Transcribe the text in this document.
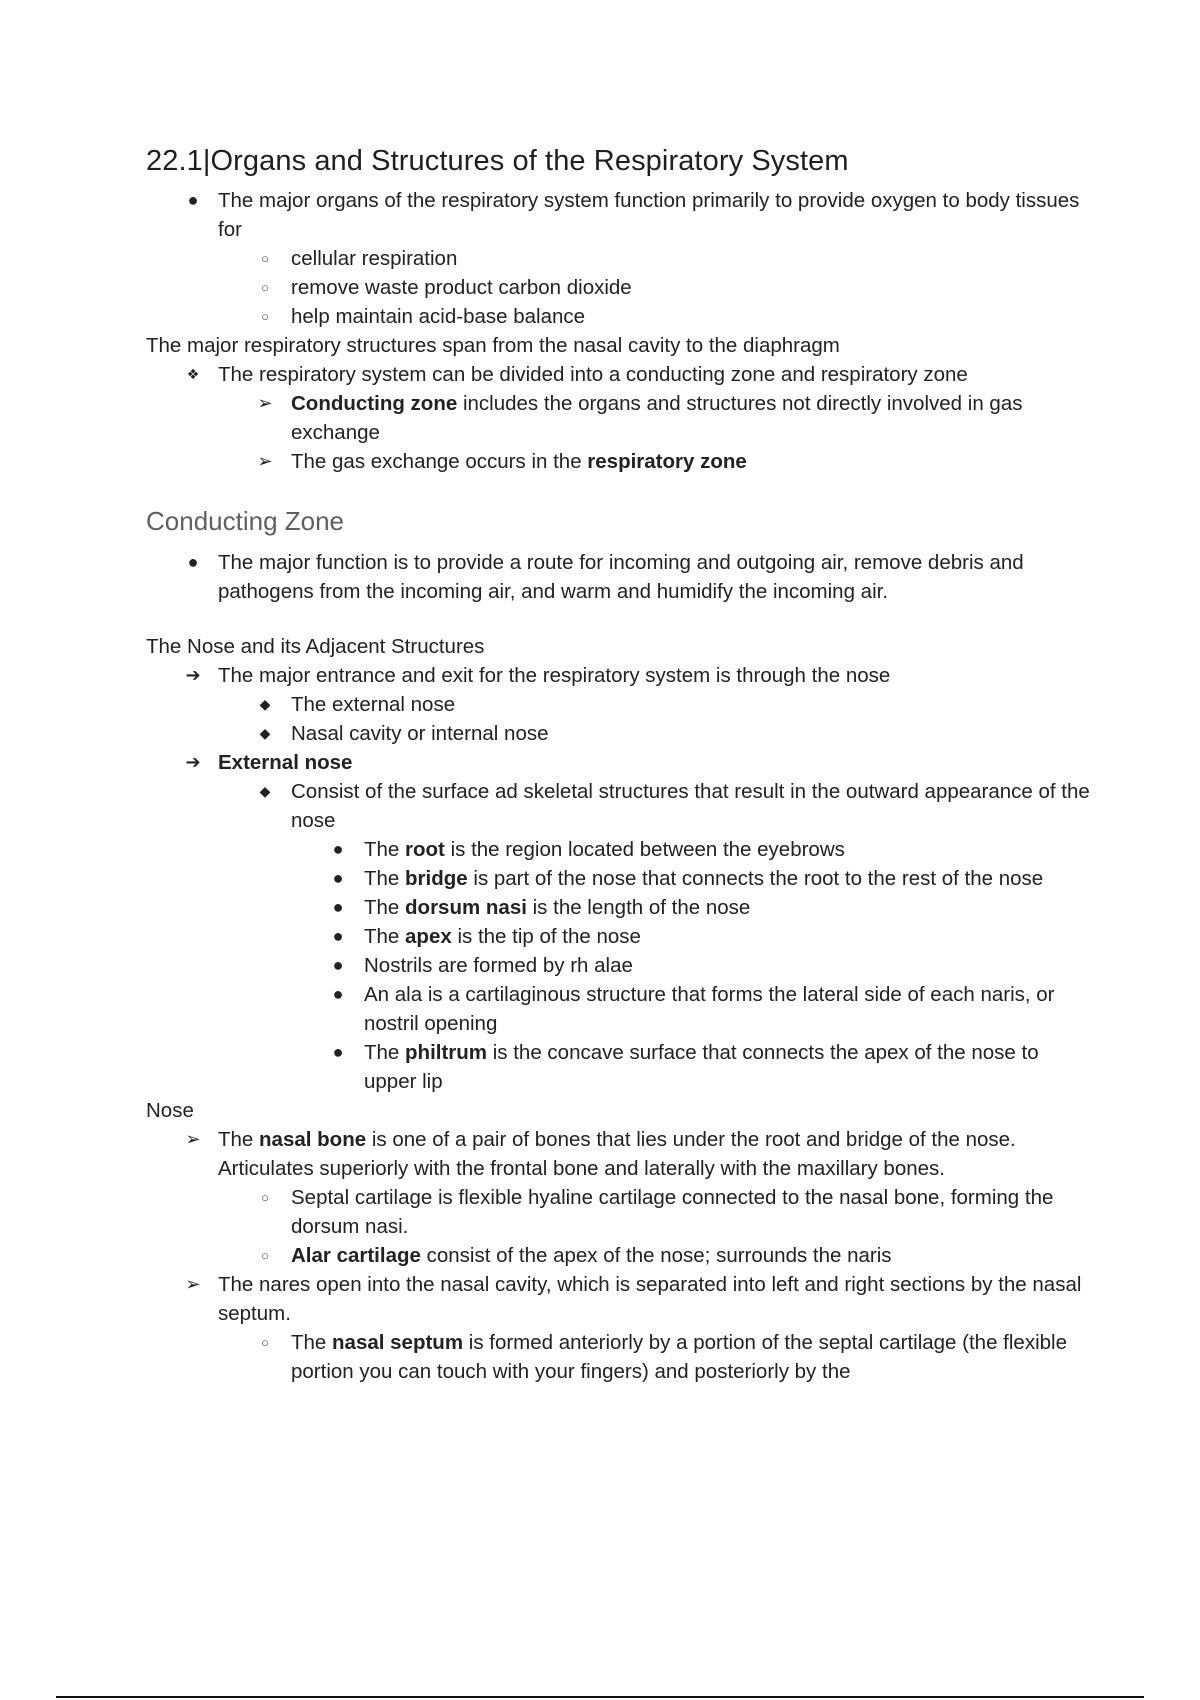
22.1|Organs and Structures of the Respiratory System
● The major organs of the respiratory system function primarily to provide oxygen to body tissues for
○	cellular respiration
○	remove waste product carbon dioxide
○	help maintain acid-base balance

The major respiratory structures span from the nasal cavity to the diaphragm

❖ The respiratory system can be divided into a conducting zone and respiratory zone
➢ Conducting zone includes the organs and structures not directly involved in gas exchange
➢ The gas exchange occurs in the respiratory zone
Conducting Zone
● The major function is to provide a route for incoming and outgoing air, remove debris and pathogens from the incoming air, and warm and humidify the incoming air.

The Nose and its Adjacent Structures

➔ The major entrance and exit for the respiratory system is through the nose
◆ The external nose
◆ Nasal cavity or internal nose
➔ External nose
◆ Consist of the surface ad skeletal structures that result in the outward appearance of the nose
● The root is the region located between the eyebrows
● The bridge is part of the nose that connects the root to the rest of the nose
● The dorsum nasi is the length of the nose
● The apex is the tip of the nose
● Nostrils are formed by rh alae
● An ala is a cartilaginous structure that forms the lateral side of each naris, or nostril opening
● The philtrum is the concave surface that connects the apex of the nose to upper lip

Nose

➢ The nasal bone is one of a pair of bones that lies under the root and bridge of the nose. Articulates superiorly with the frontal bone and laterally with the maxillary bones.
○	Septal cartilage is flexible hyaline cartilage connected to the nasal bone, forming the dorsum nasi.
○	Alar cartilage consist of the apex of the nose; surrounds the naris
➢ The nares open into the nasal cavity, which is separated into left and right sections by the nasal septum.
○	The nasal septum is formed anteriorly by a portion of the septal cartilage (the flexible portion you can touch with your fingers) and posteriorly by the
